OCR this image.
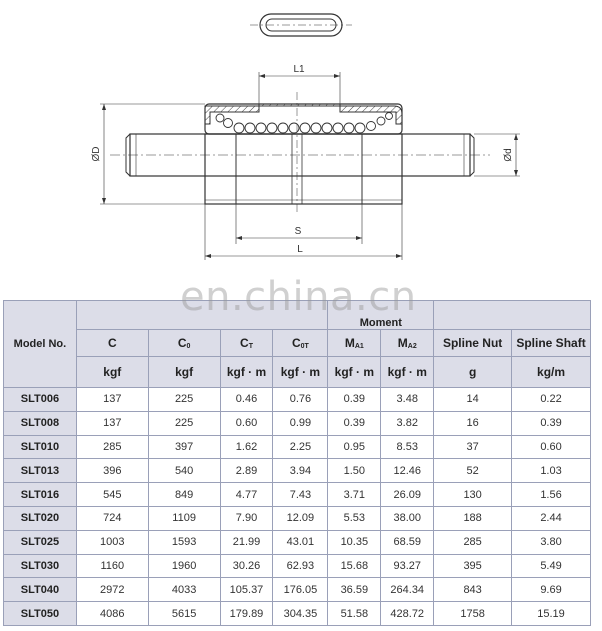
L1
ØD	Ød
S
L
en.china.cn
Model No.					Moment			
	C	$C_0$	$C_T$	$C_{0T}$	$M_{A1}$	$M_{A2}$	Spline Nut	Spline Shaft
	kgf	kgf	kgf · m	kgf · m	kgf · m	kgf · m	g	kg/m
SLT006	137	225	0.46	0.76	0.39	3.48	14	0.22
SLT008	137	225	0.60	0.99	0.39	3.82	16	0.39
SLT010	285	397	1.62	2.25	0.95	8.53	37	0.60
SLT013	396	540	2.89	3.94	1.50	12.46	52	1.03
SLT016	545	849	4.77	7.43	3.71	26.09	130	1.56
SLT020	724	1109	7.90	12.09	5.53	38.00	188	2.44
SLT025	1003	1593	21.99	43.01	10.35	68.59	285	3.80
SLT030	1160	1960	30.26	62.93	15.68	93.27	395	5.49
SLT040	2972	4033	105.37	176.05	36.59	264.34	843	9.69
SLT050	4086	5615	179.89	304.35	51.58	428.72	1758	15.19
